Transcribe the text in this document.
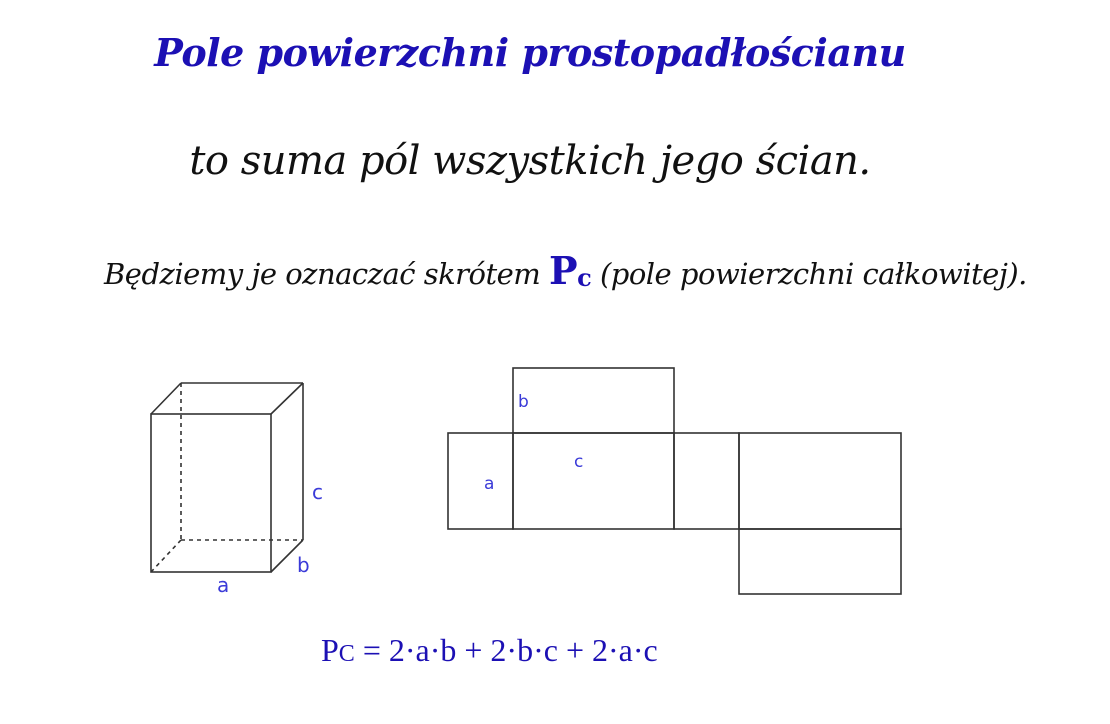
Pole powierzchni prostopadłościanu
to suma pól wszystkich jego ścian.
Będziemy je oznaczać skrótem $P_c$ (pole powierzchni całkowitej).
a
b
c
b
a
c
PC = 2·a·b + 2·b·c + 2·a·c
